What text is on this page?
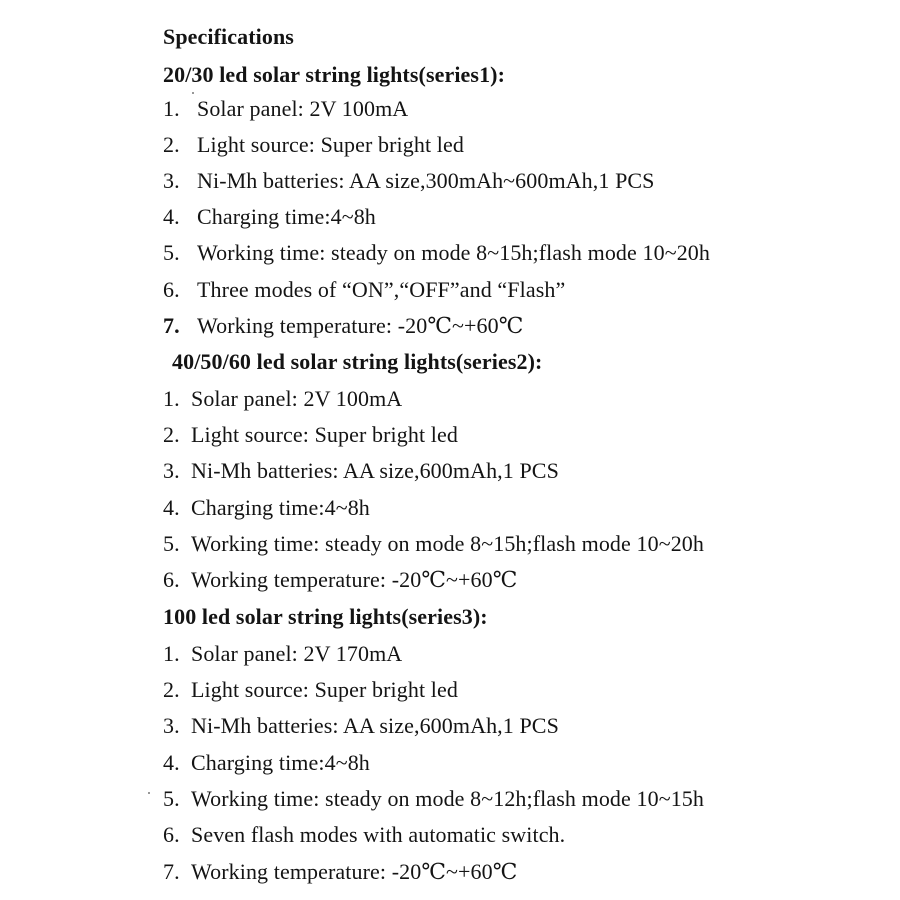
Specifications
20/30 led solar string lights(series1):
1. Solar panel: 2V 100mA
2. Light source: Super bright led
3. Ni-Mh batteries: AA size,300mAh~600mAh,1 PCS
4. Charging time:4~8h
5. Working time: steady on mode 8~15h;flash mode 10~20h
6. Three modes of “ON”,“OFF”and “Flash”
7. Working temperature: -20℃~+60℃
40/50/60 led solar string lights(series2):
1. Solar panel: 2V 100mA
2. Light source: Super bright led
3. Ni-Mh batteries: AA size,600mAh,1 PCS
4. Charging time:4~8h
5. Working time: steady on mode 8~15h;flash mode 10~20h
6. Working temperature: -20℃~+60℃
100 led solar string lights(series3):
1. Solar panel: 2V 170mA
2. Light source: Super bright led
3. Ni-Mh batteries: AA size,600mAh,1 PCS
4. Charging time:4~8h
5. Working time: steady on mode 8~12h;flash mode 10~15h
6. Seven flash modes with automatic switch.
7. Working temperature: -20℃~+60℃
